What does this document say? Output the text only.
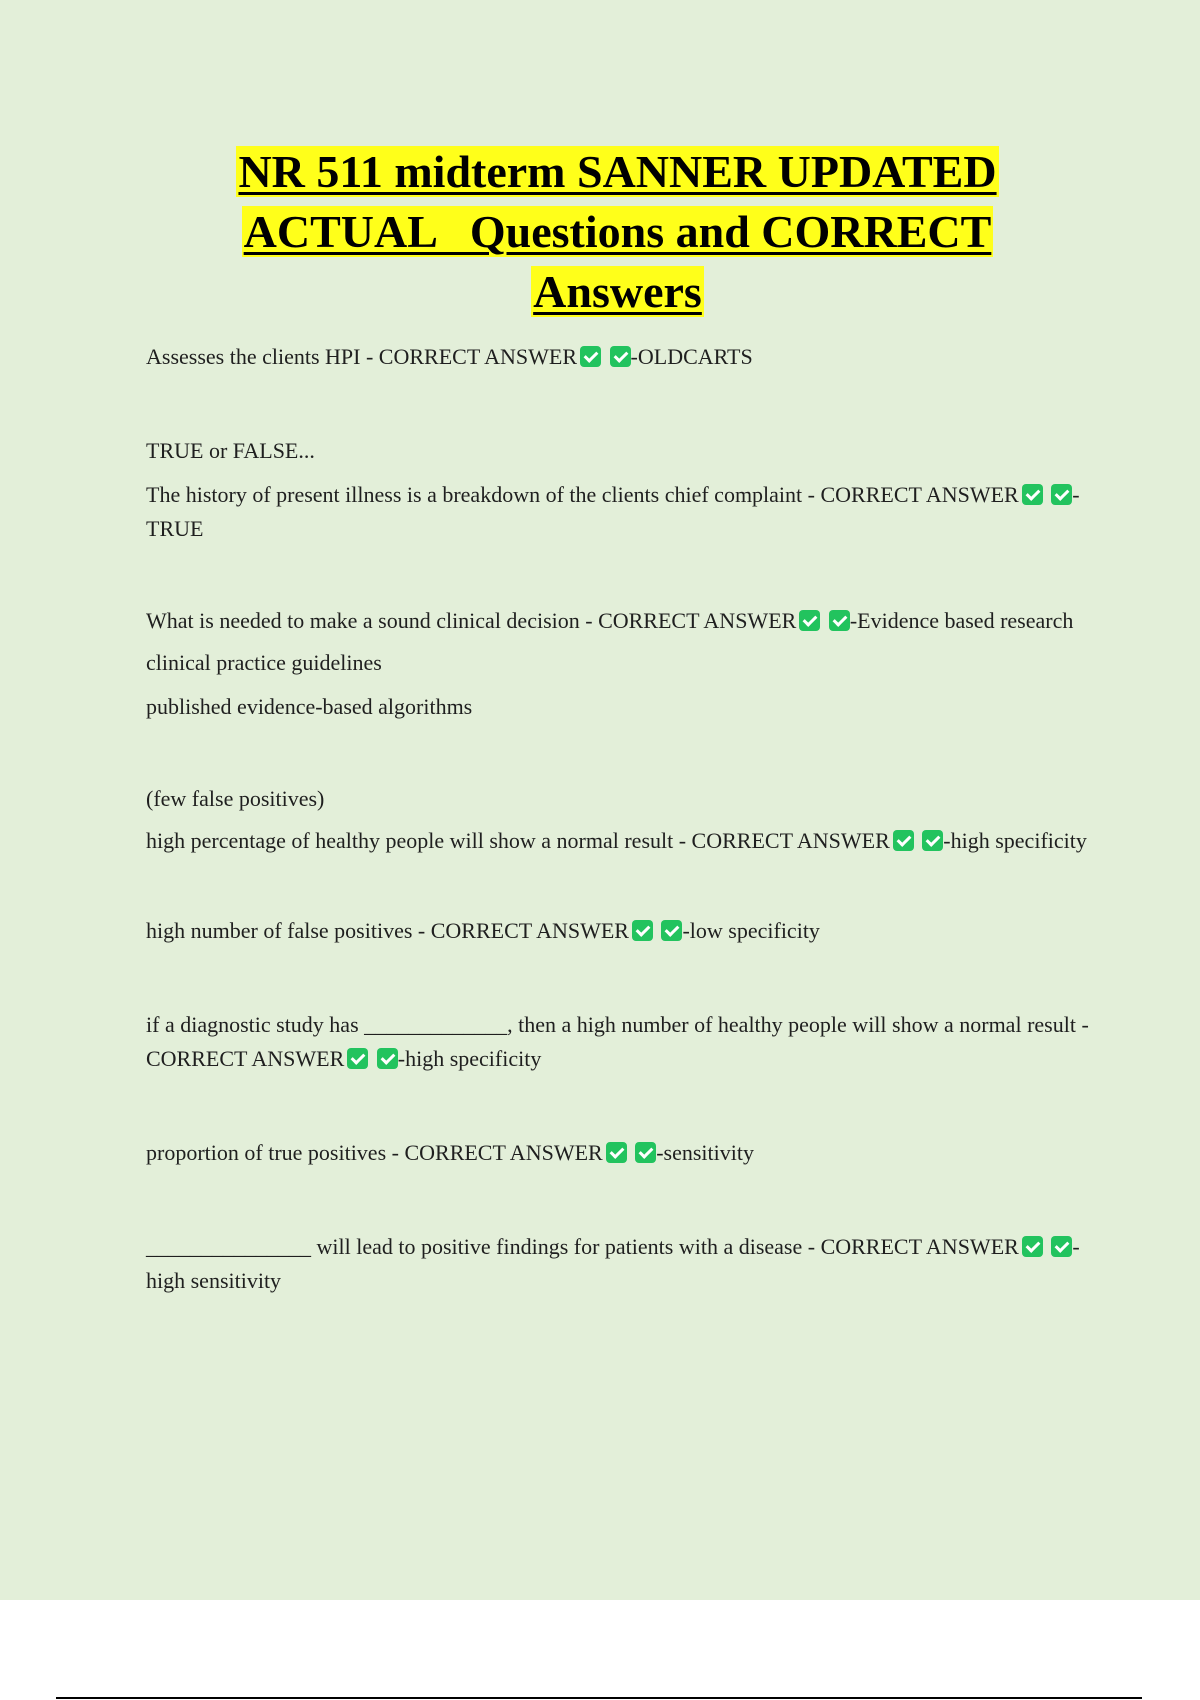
NR 511 midterm SANNER UPDATED
ACTUAL   Questions and CORRECT
Answers

Assesses the clients HPI - CORRECT ANSWER -OLDCARTS

TRUE or FALSE...

The history of present illness is a breakdown of the clients chief complaint - CORRECT ANSWER -TRUE

What is needed to make a sound clinical decision - CORRECT ANSWER -Evidence based research

clinical practice guidelines

published evidence-based algorithms

(few false positives)

high percentage of healthy people will show a normal result - CORRECT ANSWER -high specificity

high number of false positives - CORRECT ANSWER -low specificity

if a diagnostic study has _____________, then a high number of healthy people will show a normal result - CORRECT ANSWER -high specificity

proportion of true positives - CORRECT ANSWER -sensitivity

_______________ will lead to positive findings for patients with a disease - CORRECT ANSWER -high sensitivity
